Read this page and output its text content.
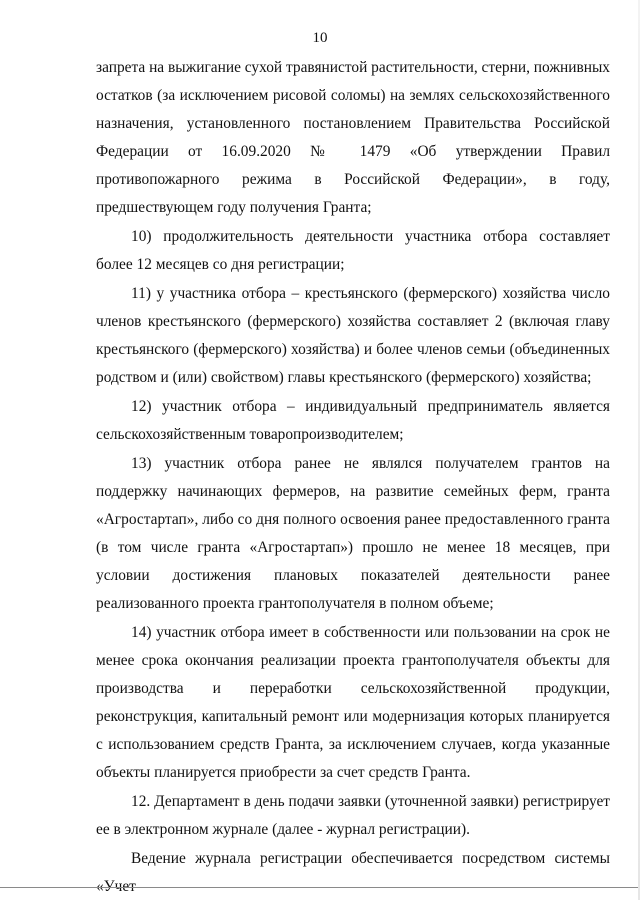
10

запрета на выжигание сухой травянистой растительности, стерни, пожнивных остатков (за исключением рисовой соломы) на землях сельскохозяйственного назначения, установленного постановлением Правительства Российской Федерации от 16.09.2020 № 1479 «Об утверждении Правил противопожарного режима в Российской Федерации», в году, предшествующем году получения Гранта;

10) продолжительность деятельности участника отбора составляет более 12 месяцев со дня регистрации;

11) у участника отбора – крестьянского (фермерского) хозяйства число членов крестьянского (фермерского) хозяйства составляет 2 (включая главу крестьянского (фермерского) хозяйства) и более членов семьи (объединенных родством и (или) свойством) главы крестьянского (фермерского) хозяйства;

12) участник отбора – индивидуальный предприниматель является сельскохозяйственным товаропроизводителем;

13) участник отбора ранее не являлся получателем грантов на поддержку начинающих фермеров, на развитие семейных ферм, гранта «Агростартап», либо со дня полного освоения ранее предоставленного гранта (в том числе гранта «Агростартап») прошло не менее 18 месяцев, при условии достижения плановых показателей деятельности ранее реализованного проекта грантополучателя в полном объеме;

14) участник отбора имеет в собственности или пользовании на срок не менее срока окончания реализации проекта грантополучателя объекты для производства и переработки сельскохозяйственной продукции, реконструкция, капитальный ремонт или модернизация которых планируется с использованием средств Гранта, за исключением случаев, когда указанные объекты планируется приобрести за счет средств Гранта.

12. Департамент в день подачи заявки (уточненной заявки) регистрирует ее в электронном журнале (далее - журнал регистрации).

Ведение журнала регистрации обеспечивается посредством системы «Учет
